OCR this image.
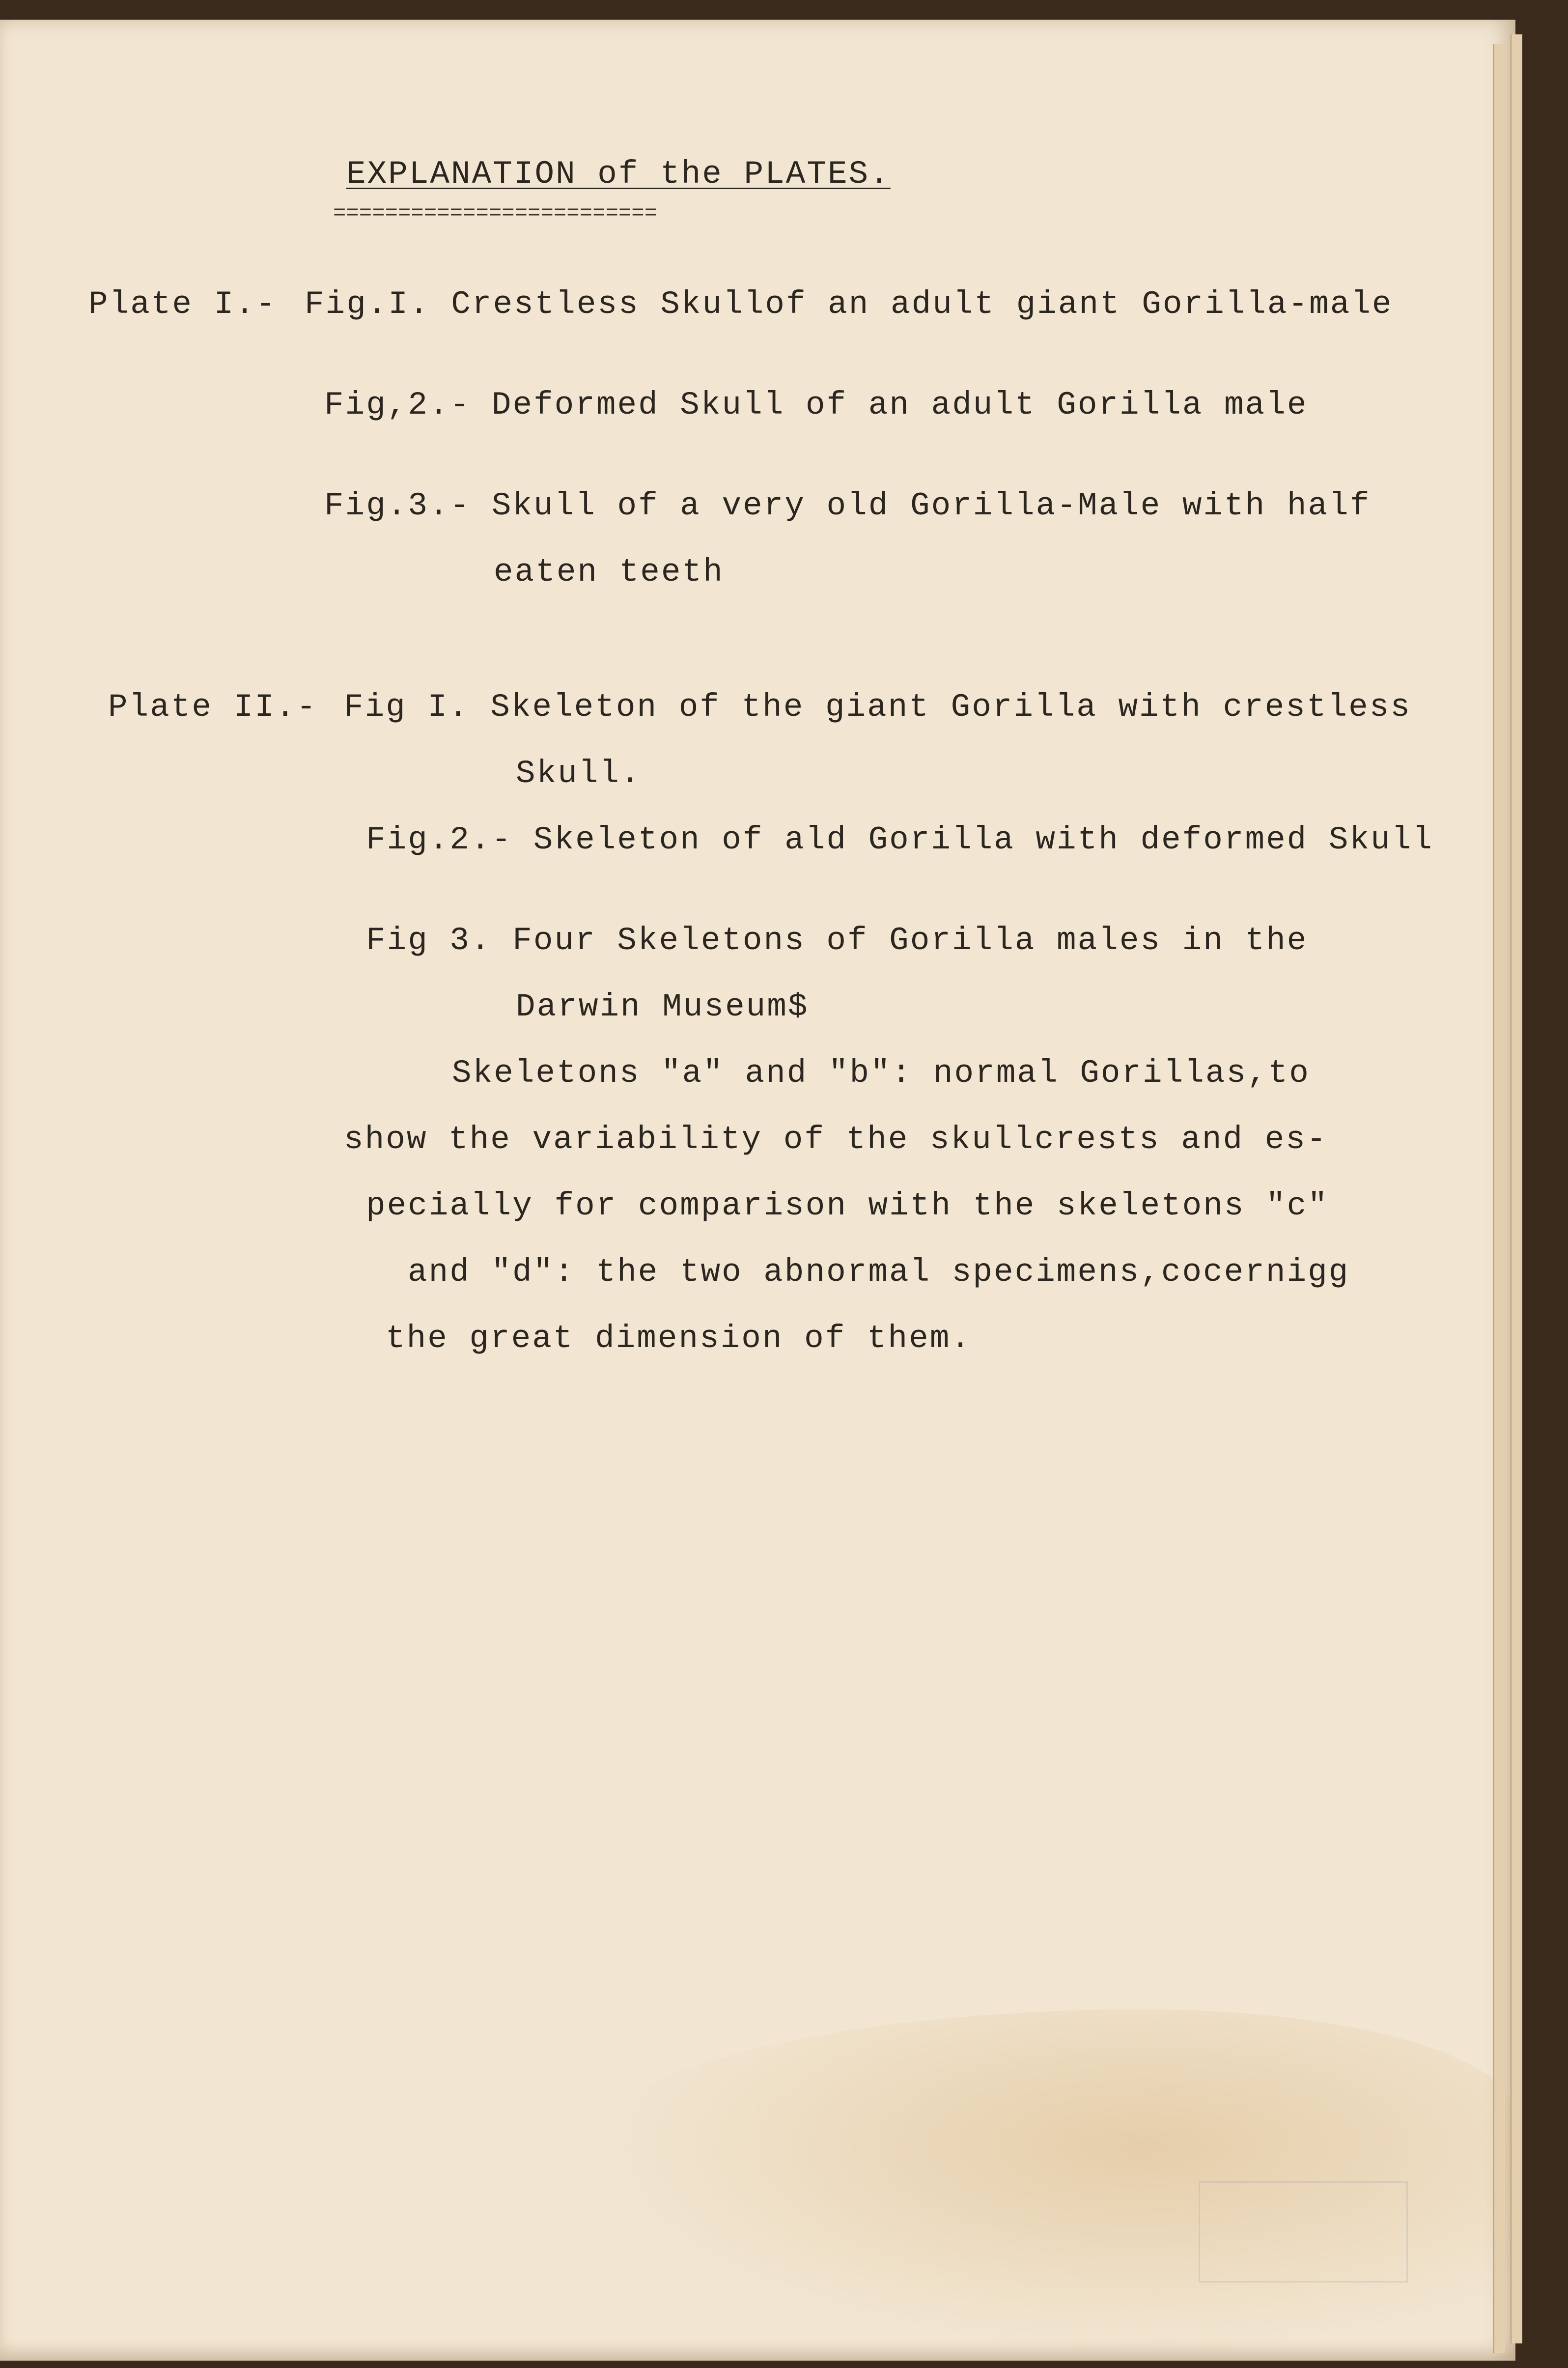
EXPLANATION of the PLATES.

=========================

Plate I.- Fig.I. Crestless Skullof an adult giant Gorilla-male

Fig,2.- Deformed Skull of an adult Gorilla male

Fig.3.- Skull of a very old Gorilla-Male with half

eaten teeth

Plate II.- Fig I. Skeleton of the giant Gorilla with crestless

Skull.

Fig.2.- Skeleton of ald Gorilla with deformed Skull

Fig 3. Four Skeletons of Gorilla males in the

Darwin Museum$

Skeletons "a" and "b": normal Gorillas,to

show the variability of the skullcrests and es-

pecially for comparison with the skeletons "c"

and "d": the two abnormal specimens,cocernigg

the great dimension of them.
